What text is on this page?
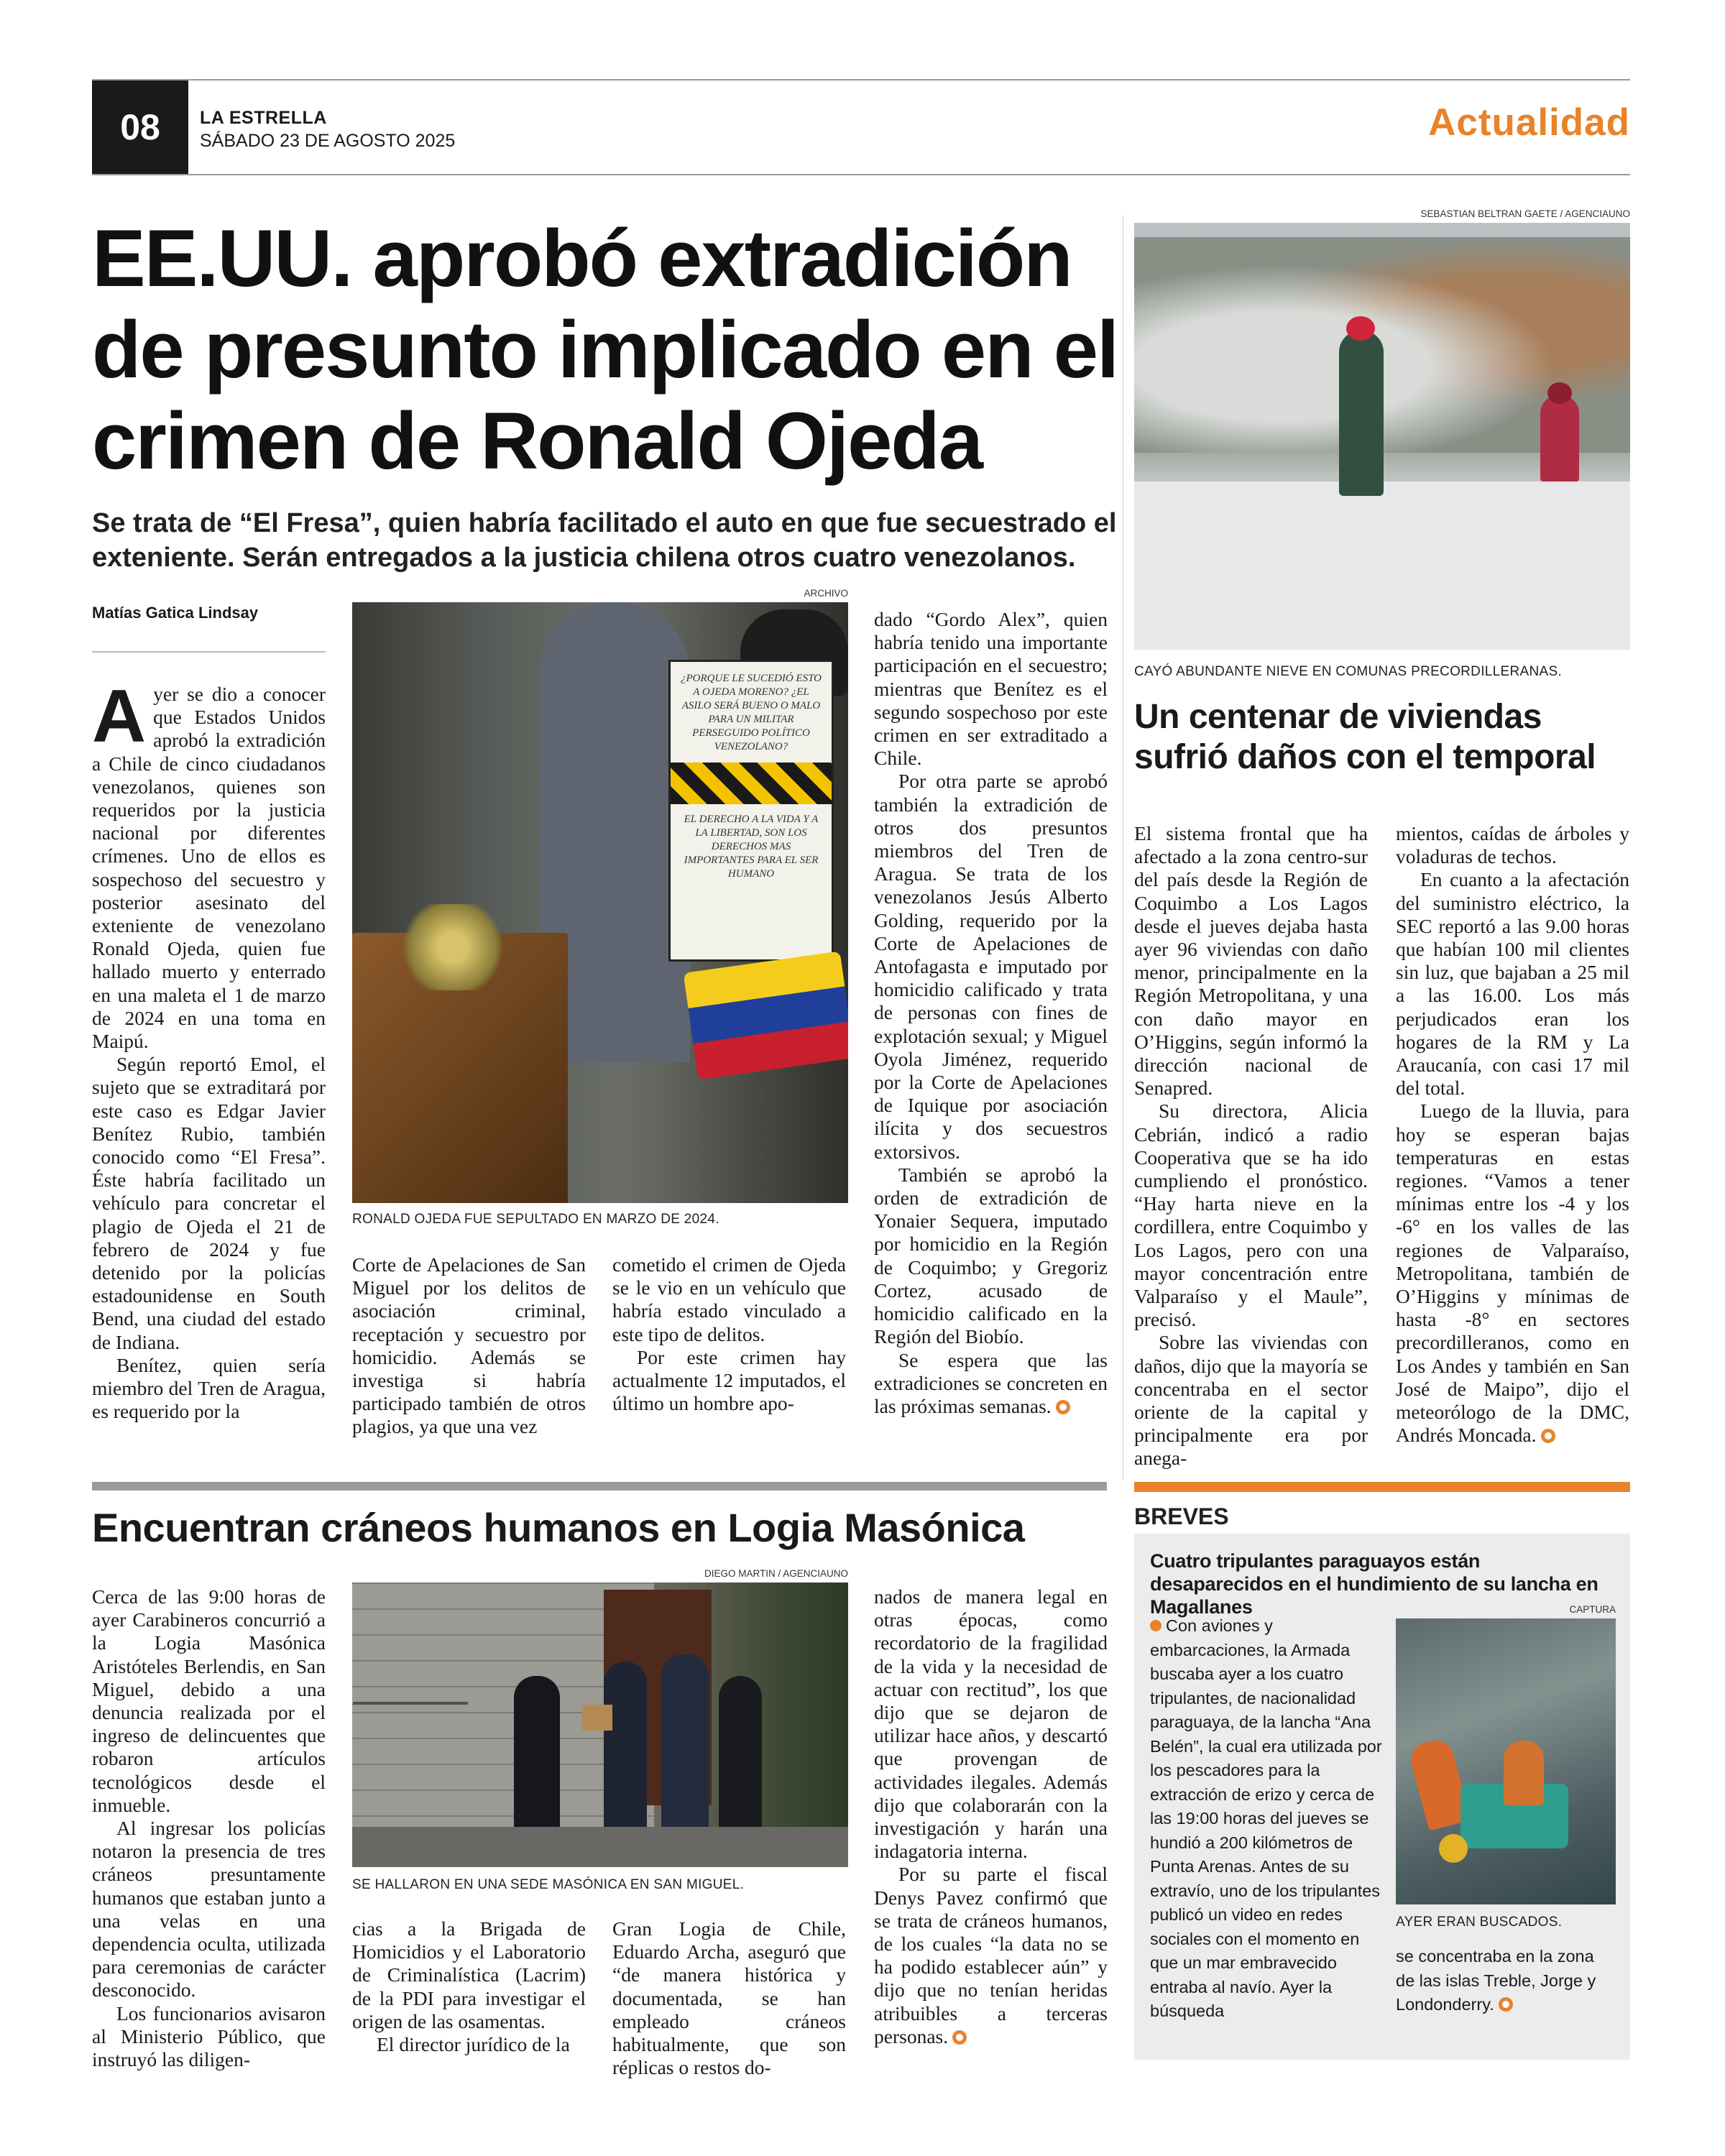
08	LA ESTRELLA
SÁBADO 23 DE AGOSTO 2025	Actualidad
EE.UU. aprobó extradición de presunto implicado en el crimen de Ronald Ojeda

Se trata de “El Fresa”, quien habría facilitado el auto en que fue secuestrado el exteniente. Serán entregados a la justicia chilena otros cuatro venezolanos.

Matías Gatica Lindsay
ARCHIVO
¿PORQUE LE SUCEDIÓ ESTO A OJEDA MORENO? ¿EL ASILO SERÁ BUENO O MALO PARA UN MILITAR PERSEGUIDO POLÍTICO VENEZOLANO?
EL DERECHO A LA VIDA Y A LA LIBERTAD, SON LOS DERECHOS MAS IMPORTANTES PARA EL SER HUMANO
RONALD OJEDA FUE SEPULTADO EN MARZO DE 2024.
A yer se dio a conocer que Estados Unidos aprobó la extradición a Chile de cinco ciudadanos venezolanos, quienes son requeridos por la justicia nacional por diferentes crímenes. Uno de ellos es sospechoso del secuestro y posterior asesinato del exteniente de venezolano Ronald Ojeda, quien fue hallado muerto y enterrado en una maleta el 1 de marzo de 2024 en una toma en Maipú.

Según reportó Emol, el sujeto que se extraditará por este caso es Edgar Javier Benítez Rubio, también conocido como “El Fresa”. Éste habría facilitado un vehículo para concretar el plagio de Ojeda el 21 de febrero de 2024 y fue detenido por la policías estadounidense en South Bend, una ciudad del estado de Indiana.

Benítez, quien sería miembro del Tren de Aragua, es requerido por la

Corte de Apelaciones de San Miguel por los delitos de asociación criminal, receptación y secuestro por homicidio. Además se investiga si habría participado también de otros plagios, ya que una vez

cometido el crimen de Ojeda se le vio en un vehículo que habría estado vinculado a este tipo de delitos.

Por este crimen hay actualmente 12 imputados, el último un hombre apo-

dado “Gordo Alex”, quien habría tenido una importante participación en el secuestro; mientras que Benítez es el segundo sospechoso por este crimen en ser extraditado a Chile.

Por otra parte se aprobó también la extradición de otros dos presuntos miembros del Tren de Aragua. Se trata de los venezolanos Jesús Alberto Golding, requerido por la Corte de Apelaciones de Antofagasta e imputado por homicidio calificado y trata de personas con fines de explotación sexual; y Miguel Oyola Jiménez, requerido por la Corte de Apelaciones de Iquique por asociación ilícita y dos secuestros extorsivos.

También se aprobó la orden de extradición de Yonaier Sequera, imputado por homicidio en la Región de Coquimbo; y Gregoriz Cortez, acusado de homicidio calificado en la Región del Biobío.

Se espera que las extradiciones se concreten en las próximas semanas.

SEBASTIAN BELTRAN GAETE / AGENCIAUNO
CAYÓ ABUNDANTE NIEVE EN COMUNAS PRECORDILLERANAS.
Un centenar de viviendas sufrió daños con el temporal

El sistema frontal que ha afectado a la zona centro-sur del país desde la Región de Coquimbo a Los Lagos desde el jueves dejaba hasta ayer 96 viviendas con daño menor, principalmente en la Región Metropolitana, y una con daño mayor en O’Higgins, según informó la dirección nacional de Senapred.

Su directora, Alicia Cebrián, indicó a radio Cooperativa que se ha ido cumpliendo el pronóstico. “Hay harta nieve en la cordillera, entre Coquimbo y Los Lagos, pero con una mayor concentración entre Valparaíso y el Maule”, precisó.

Sobre las viviendas con daños, dijo que la mayoría se concentraba en el sector oriente de la capital y principalmente era por anega-

mientos, caídas de árboles y voladuras de techos.

En cuanto a la afectación del suministro eléctrico, la SEC reportó a las 9.00 horas que habían 100 mil clientes sin luz, que bajaban a 25 mil a las 16.00. Los más perjudicados eran los hogares de la RM y La Araucanía, con casi 17 mil del total.

Luego de la lluvia, para hoy se esperan bajas temperaturas en estas regiones. “Vamos a tener mínimas entre los -4 y los -6° en los valles de las regiones de Valparaíso, Metropolitana, también de O’Higgins y mínimas de hasta -8° en sectores precordilleranos, como en Los Andes y también en San José de Maipo”, dijo el meteorólogo de la DMC, Andrés Moncada.

Encuentran cráneos humanos en Logia Masónica
DIEGO MARTIN / AGENCIAUNO
SE HALLARON EN UNA SEDE MASÓNICA EN SAN MIGUEL.

Cerca de las 9:00 horas de ayer Carabineros concurrió a la Logia Masónica Aristóteles Berlendis, en San Miguel, debido a una denuncia realizada por el ingreso de delincuentes que robaron artículos tecnológicos desde el inmueble.

Al ingresar los policías notaron la presencia de tres cráneos presuntamente humanos que estaban junto a una velas en una dependencia oculta, utilizada para ceremonias de carácter desconocido.

Los funcionarios avisaron al Ministerio Público, que instruyó las diligen-

cias a la Brigada de Homicidios y el Laboratorio de Criminalística (Lacrim) de la PDI para investigar el origen de las osamentas.

El director jurídico de la

Gran Logia de Chile, Eduardo Archa, aseguró que “de manera histórica y documentada, se han empleado cráneos habitualmente, que son réplicas o restos do-

nados de manera legal en otras épocas, como recordatorio de la fragilidad de la vida y la necesidad de actuar con rectitud”, los que dijo que se dejaron de utilizar hace años, y descartó que provengan de actividades ilegales. Además dijo que colaborarán con la investigación y harán una indagatoria interna.

Por su parte el fiscal Denys Pavez confirmó que se trata de cráneos humanos, de los cuales “la data no se ha podido establecer aún” y dijo que no tenían heridas atribuibles a terceras personas.

BREVES
Cuatro tripulantes paraguayos están desaparecidos en el hundimiento de su lancha en Magallanes	CAPTURA
AYER ERAN BUSCADOS.
Con aviones y embarcaciones, la Armada buscaba ayer a los cuatro tripulantes, de nacionalidad paraguaya, de la lancha “Ana Belén”, la cual era utilizada por los pescadores para la extracción de erizo y cerca de las 19:00 horas del jueves se hundió a 200 kilómetros de Punta Arenas. Antes de su extravío, uno de los tripulantes publicó un video en redes sociales con el momento en que un mar embravecido entraba al navío. Ayer la búsqueda
se concentraba en la zona de las islas Treble, Jorge y Londonderry.
